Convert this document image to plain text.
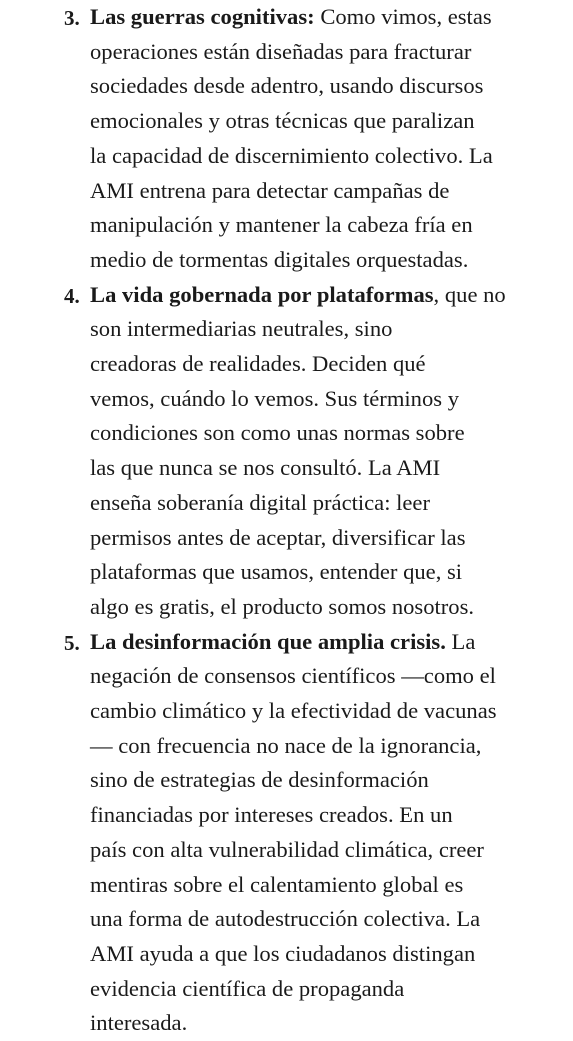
3. Las guerras cognitivas: Como vimos, estas
operaciones están diseñadas para fracturar
sociedades desde adentro, usando discursos
emocionales y otras técnicas que paralizan
la capacidad de discernimiento colectivo. La
AMI entrena para detectar campañas de
manipulación y mantener la cabeza fría en
medio de tormentas digitales orquestadas.
4. La vida gobernada por plataformas, que no
son intermediarias neutrales, sino
creadoras de realidades. Deciden qué
vemos, cuándo lo vemos. Sus términos y
condiciones son como unas normas sobre
las que nunca se nos consultó. La AMI
enseña soberanía digital práctica: leer
permisos antes de aceptar, diversificar las
plataformas que usamos, entender que, si
algo es gratis, el producto somos nosotros.
5. La desinformación que amplia crisis. La
negación de consensos científicos —como el
cambio climático y la efectividad de vacunas
— con frecuencia no nace de la ignorancia,
sino de estrategias de desinformación
financiadas por intereses creados. En un
país con alta vulnerabilidad climática, creer
mentiras sobre el calentamiento global es
una forma de autodestrucción colectiva. La
AMI ayuda a que los ciudadanos distingan
evidencia científica de propaganda
interesada.
